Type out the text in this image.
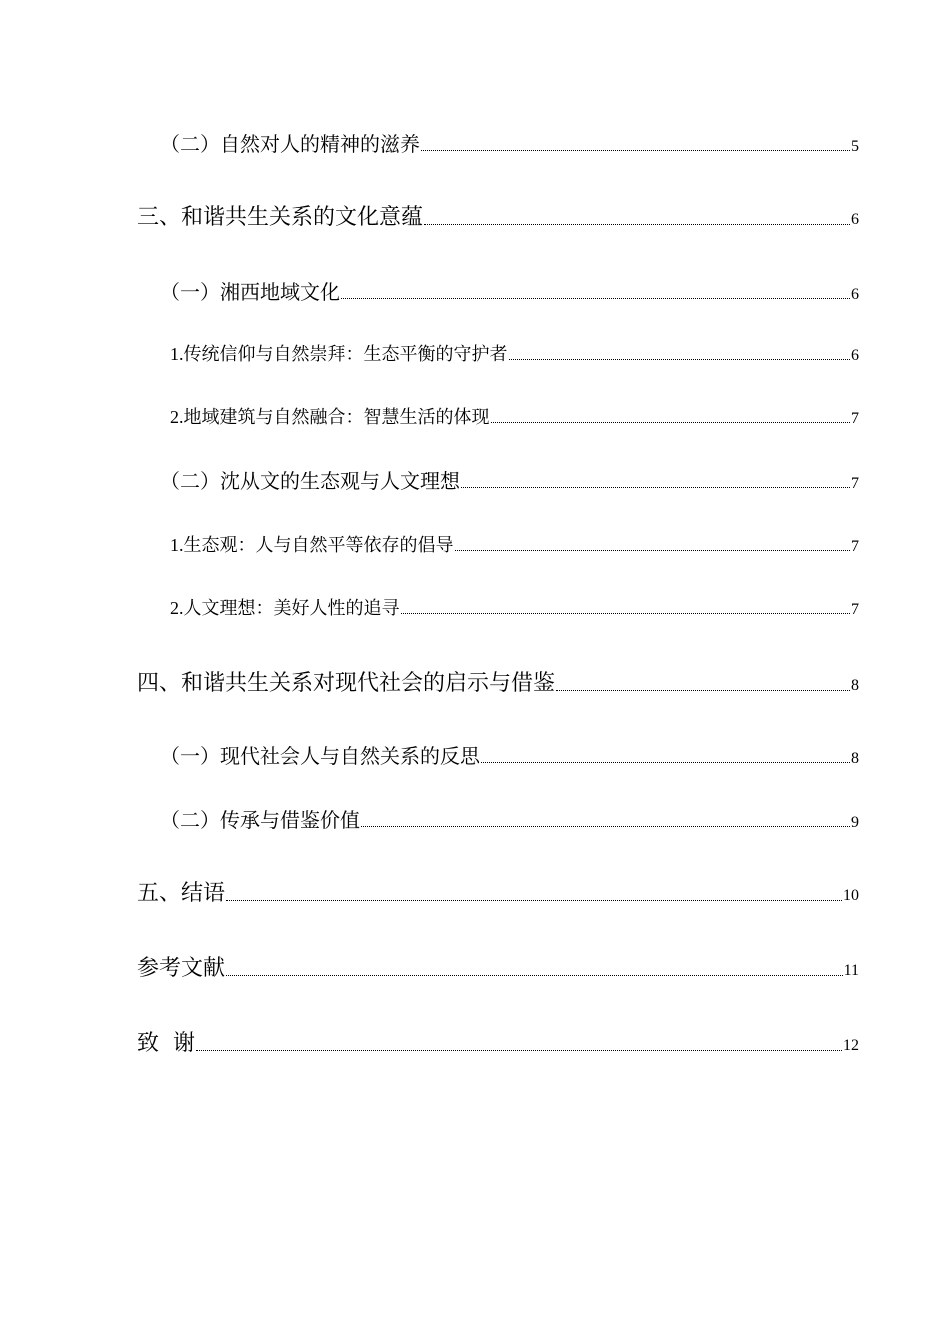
（二）自然对人的精神的滋养	5
三、和谐共生关系的文化意蕴	6
（一）湘西地域文化	6
1.传统信仰与自然崇拜：生态平衡的守护者	6
2.地域建筑与自然融合：智慧生活的体现	7
（二）沈从文的生态观与人文理想	7
1.生态观：人与自然平等依存的倡导	7
2.人文理想：美好人性的追寻	7
四、和谐共生关系对现代社会的启示与借鉴	8
（一）现代社会人与自然关系的反思	8
（二）传承与借鉴价值	9
五、结语	10
参考文献	11
致  谢	12
